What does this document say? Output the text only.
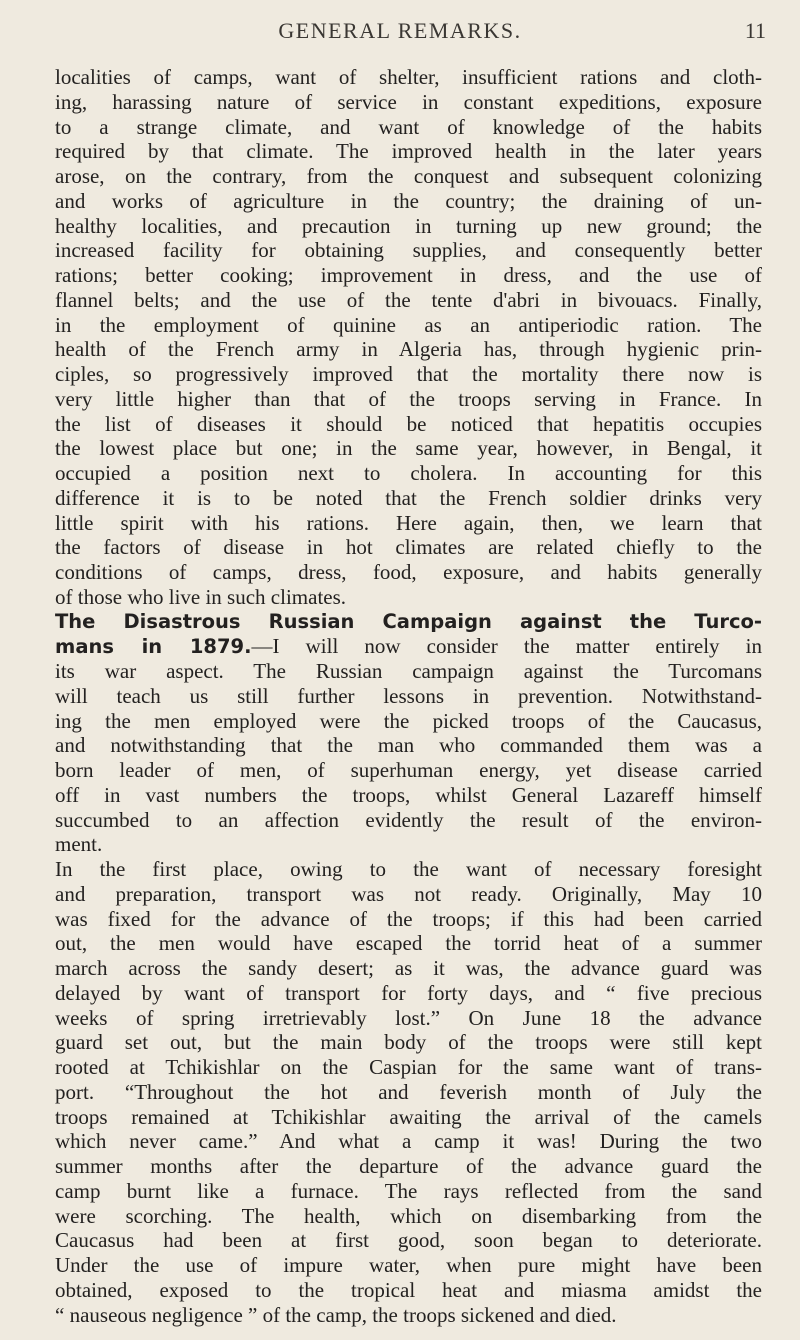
GENERAL REMARKS.	11
localities of camps, want of shelter, insufficient rations and cloth-
ing, harassing nature of service in constant expeditions, exposure
to a strange climate, and want of knowledge of the habits
required by that climate. The improved health in the later years
arose, on the contrary, from the conquest and subsequent colonizing
and works of agriculture in the country; the draining of un-
healthy localities, and precaution in turning up new ground; the
increased facility for obtaining supplies, and consequently better
rations; better cooking; improvement in dress, and the use of
flannel belts; and the use of the tente d'abri in bivouacs. Finally,
in the employment of quinine as an antiperiodic ration. The
health of the French army in Algeria has, through hygienic prin-
ciples, so progressively improved that the mortality there now is
very little higher than that of the troops serving in France. In
the list of diseases it should be noticed that hepatitis occupies
the lowest place but one; in the same year, however, in Bengal, it
occupied a position next to cholera. In accounting for this
difference it is to be noted that the French soldier drinks very
little spirit with his rations. Here again, then, we learn that
the factors of disease in hot climates are related chiefly to the
conditions of camps, dress, food, exposure, and habits generally
of those who live in such climates.
The Disastrous Russian Campaign against the Turco-
mans in 1879.—I will now consider the matter entirely in
its war aspect. The Russian campaign against the Turcomans
will teach us still further lessons in prevention. Notwithstand-
ing the men employed were the picked troops of the Caucasus,
and notwithstanding that the man who commanded them was a
born leader of men, of superhuman energy, yet disease carried
off in vast numbers the troops, whilst General Lazareff himself
succumbed to an affection evidently the result of the environ-
ment.
In the first place, owing to the want of necessary foresight
and preparation, transport was not ready. Originally, May 10
was fixed for the advance of the troops; if this had been carried
out, the men would have escaped the torrid heat of a summer
march across the sandy desert; as it was, the advance guard was
delayed by want of transport for forty days, and “ five precious
weeks of spring irretrievably lost.” On June 18 the advance
guard set out, but the main body of the troops were still kept
rooted at Tchikishlar on the Caspian for the same want of trans-
port. “Throughout the hot and feverish month of July the
troops remained at Tchikishlar awaiting the arrival of the camels
which never came.” And what a camp it was! During the two
summer months after the departure of the advance guard the
camp burnt like a furnace. The rays reflected from the sand
were scorching. The health, which on disembarking from the
Caucasus had been at first good, soon began to deteriorate.
Under the use of impure water, when pure might have been
obtained, exposed to the tropical heat and miasma amidst the
“ nauseous negligence ” of the camp, the troops sickened and died.
